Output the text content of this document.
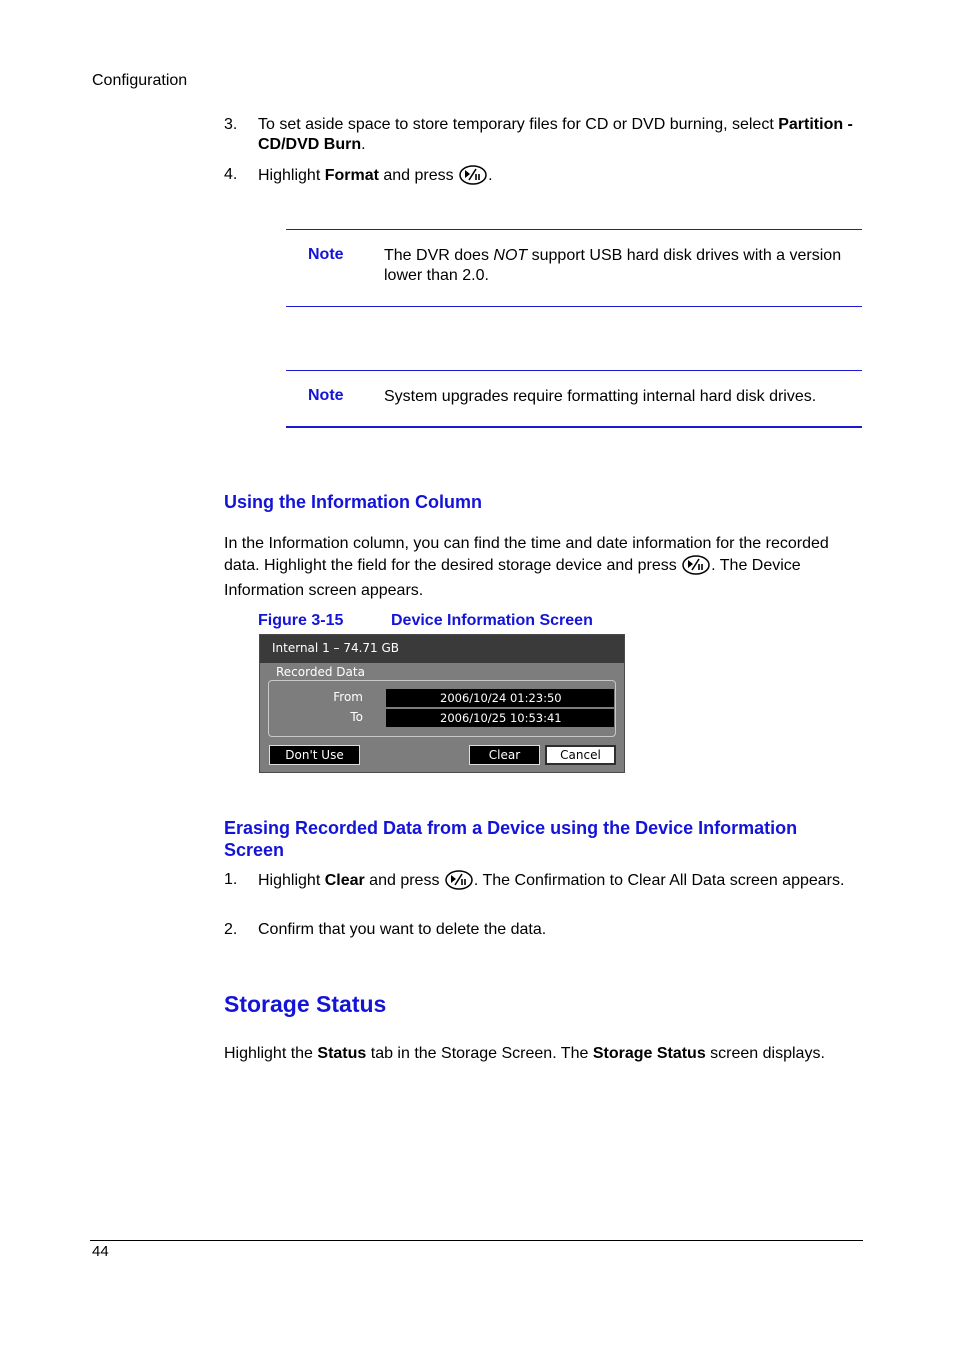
Configuration
3. To set aside space to store temporary files for CD or DVD burning, select Partition - CD/DVD Burn.
4. Highlight Format and press .
Note	The DVR does NOT support USB hard disk drives with a version lower than 2.0.
Note	System upgrades require formatting internal hard disk drives.
Using the Information Column
In the Information column, you can find the time and date information for the recorded data. Highlight the field for the desired storage device and press . The Device Information screen appears.
Figure 3-15	Device Information Screen
Internal 1 – 74.71 GB
Recorded Data
From	2006/10/24 01:23:50
To	2006/10/25 10:53:41
Don't Use	Clear	Cancel
Erasing Recorded Data from a Device using the Device Information Screen
1. Highlight Clear and press . The Confirmation to Clear All Data screen appears.
2. Confirm that you want to delete the data.
Storage Status
Highlight the Status tab in the Storage Screen. The Storage Status screen displays.
44
